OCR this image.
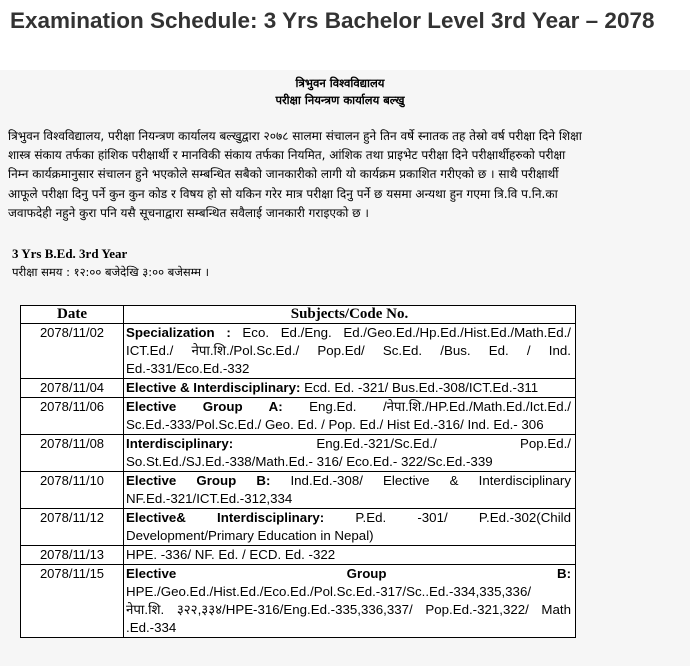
Examination Schedule: 3 Yrs Bachelor Level 3rd Year – 2078
त्रिभुवन विश्वविद्यालय
परीक्षा नियन्त्रण कार्यालय बल्खु
त्रिभुवन विश्वविद्यालय, परीक्षा नियन्त्रण कार्यालय बल्खुद्वारा २०७८ सालमा संचालन हुने तिन वर्षे स्नातक तह तेस्रो वर्ष परीक्षा दिने शिक्षा
शास्त्र संकाय तर्फका हांशिक परीक्षार्थी र मानविकी संकाय तर्फका नियमित, आंशिक तथा प्राइभेट परीक्षा दिने परीक्षार्थीहरुको परीक्षा
निम्न कार्यक्रमानुसार संचालन हुने भएकोले सम्बन्धित सबैको जानकारीको लागी यो कार्यक्रम प्रकाशित गरीएको छ । साथै परीक्षार्थी
आफूले परीक्षा दिनु पर्ने कुन कुन कोड र विषय हो सो यकिन गरेर मात्र परीक्षा दिनु पर्ने छ यसमा अन्यथा हुन गएमा त्रि.वि प.नि.का
जवाफदेही नहुने कुरा पनि यसै सूचनाद्वारा सम्बन्धित सवैलाई जानकारी गराइएको छ ।
3 Yrs B.Ed. 3rd Year
परीक्षा समय : १२:०० बजेदेखि ३:०० बजेसम्म ।
Date	Subjects/Code No.
2078/11/02	Specialization : Eco. Ed./Eng. Ed./Geo.Ed./Hp.Ed./Hist.Ed./Math.Ed./ ICT.Ed./ नेपा.शि./Pol.Sc.Ed./ Pop.Ed/ Sc.Ed. /Bus. Ed. / Ind. Ed.-331/Eco.Ed.-332
2078/11/04	Elective & Interdisciplinary: Ecd. Ed. -321/ Bus.Ed.-308/ICT.Ed.-311
2078/11/06	Elective Group A: Eng.Ed. /नेपा.शि./HP.Ed./Math.Ed./Ict.Ed./ Sc.Ed.-333/Pol.Sc.Ed./ Geo. Ed. / Pop. Ed./ Hist Ed.-316/ Ind. Ed.- 306
2078/11/08	Interdisciplinary: Eng.Ed.-321/Sc.Ed./ Pop.Ed./ So.St.Ed./SJ.Ed.-338/Math.Ed.- 316/ Eco.Ed.- 322/Sc.Ed.-339
2078/11/10	Elective Group B: Ind.Ed.-308/ Elective & Interdisciplinary NF.Ed.-321/ICT.Ed.-312,334
2078/11/12	Elective& Interdisciplinary: P.Ed. -301/ P.Ed.-302(Child Development/Primary Education in Nepal)
2078/11/13	HPE. -336/ NF. Ed. / ECD. Ed. -322
2078/11/15	Elective Group B: HPE./Geo.Ed./Hist.Ed./Eco.Ed./Pol.Sc.Ed.-317/Sc..Ed.-334,335,336/ नेपा.शि. ३२२,३३४/HPE-316/Eng.Ed.-335,336,337/ Pop.Ed.-321,322/ Math .Ed.-334
